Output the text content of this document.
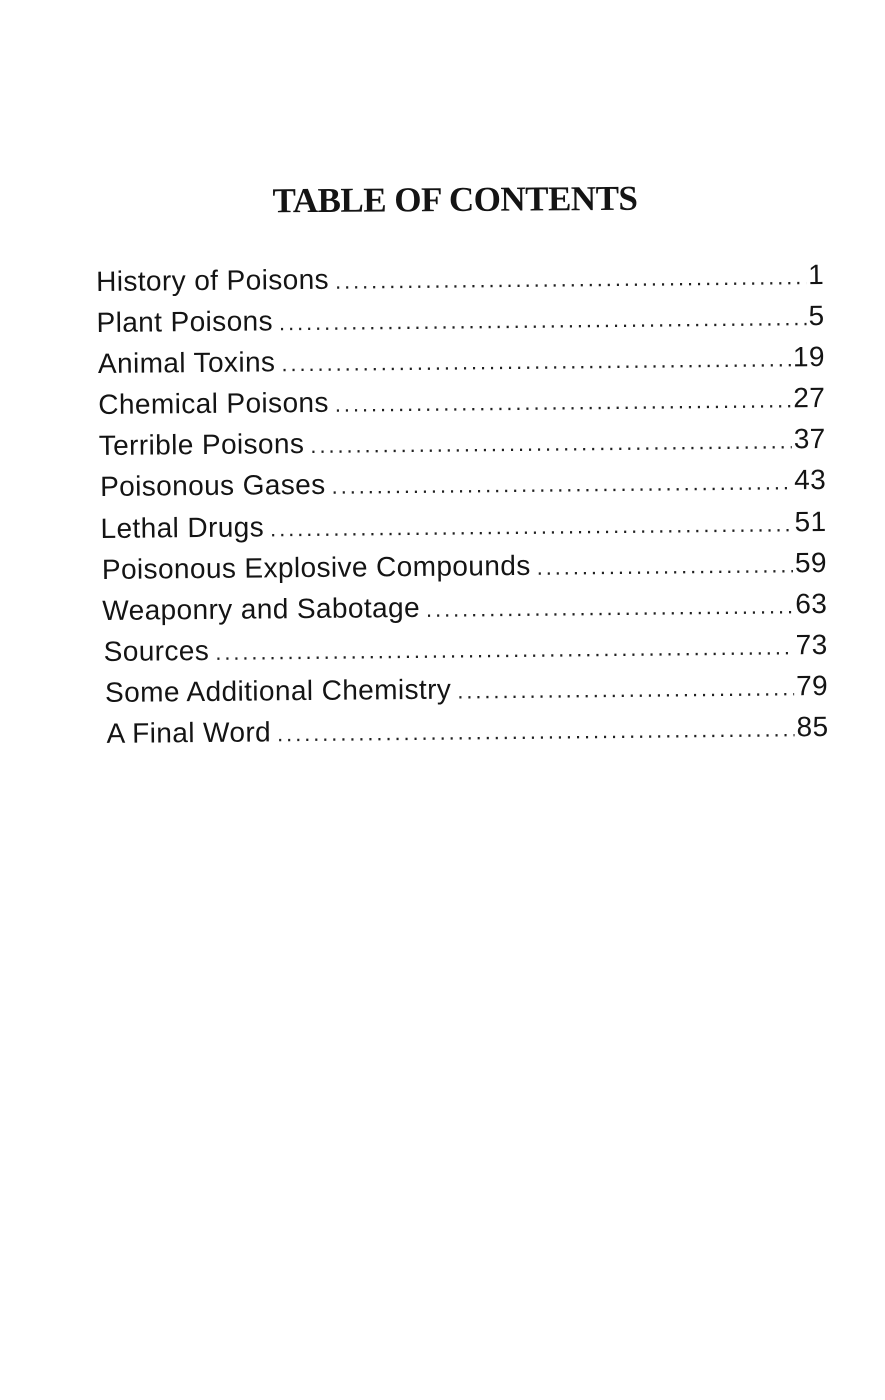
TABLE OF CONTENTS
History of Poisons . . .	1
Plant Poisons . . .	5
Animal Toxins . . .	19
Chemical Poisons . . .	27
Terrible Poisons . . .	37
Poisonous Gases . . .	43
Lethal Drugs . . .	51
Poisonous Explosive Compounds . . .	59
Weaponry and Sabotage . . .	63
Sources . . .	73
Some Additional Chemistry . . .	79
A Final Word . . .	85
